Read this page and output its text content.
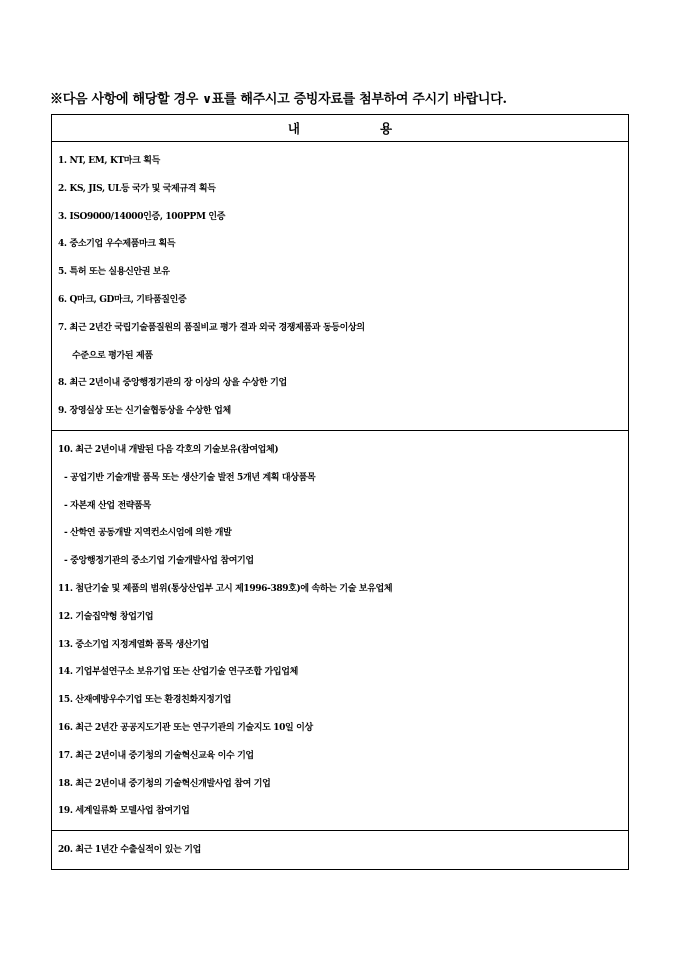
※다음 사항에 해당할 경우 ∨표를 해주시고 증빙자료를 첨부하여 주시기 바랍니다.
내	용

1. NT, EM, KT마크 획득
2. KS, JIS, UL등 국가 및 국제규격 획득
3. ISO9000/14000인증, 100PPM 인증
4. 중소기업 우수제품마크 획득
5. 특허 또는 실용신안권 보유
6. Q마크, GD마크, 기타품질인증
7. 최근 2년간 국립기술품질원의 품질비교 평가 결과 외국 경쟁제품과 동등이상의
수준으로 평가된 제품
8. 최근 2년이내 중앙행정기관의 장 이상의 상을 수상한 기업
9. 장영실상 또는 신기술협동상을 수상한 업체

10. 최근 2년이내 개발된 다음 각호의 기술보유(참여업체)
- 공업기반 기술개발 품목 또는 생산기술 발전 5개년 계획 대상품목
- 자본재 산업 전략품목
- 산학연 공동개발 지역컨소시엄에 의한 개발
- 중앙행정기관의 중소기업 기술개발사업 참여기업
11. 첨단기술 및 제품의 범위(통상산업부 고시 제1996-389호)에 속하는 기술 보유업체
12. 기술집약형 창업기업
13. 중소기업 지정계열화 품목 생산기업
14. 기업부설연구소 보유기업 또는 산업기술 연구조합 가입업체
15. 산재예방우수기업 또는 환경친화지정기업
16. 최근 2년간 공공지도기관 또는 연구기관의 기술지도 10일 이상
17. 최근 2년이내 중기청의 기술혁신교육 이수 기업
18. 최근 2년이내 중기청의 기술혁신개발사업 참여 기업
19. 세계일류화 모델사업 참여기업

20. 최근 1년간 수출실적이 있는 기업
